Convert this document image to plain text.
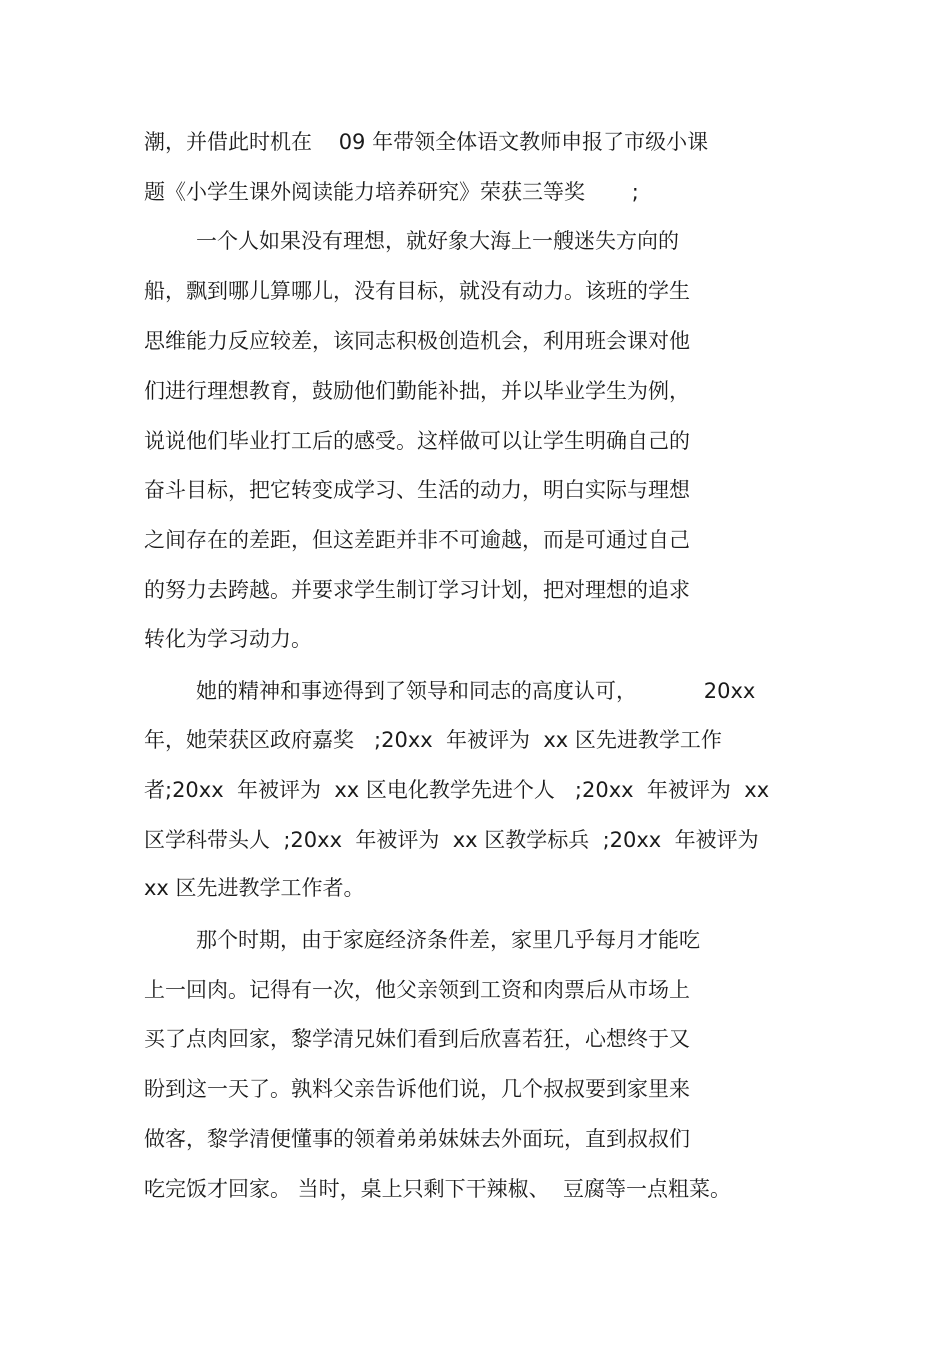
潮，并借此时机在    09 年带领全体语文教师申报了市级小课
题《小学生课外阅读能力培养研究》荣获三等奖       ;
一个人如果没有理想，就好象大海上一艘迷失方向的
船，飘到哪儿算哪儿，没有目标，就没有动力。该班的学生
思维能力反应较差，该同志积极创造机会，利用班会课对他
们进行理想教育，鼓励他们勤能补拙，并以毕业学生为例，
说说他们毕业打工后的感受。这样做可以让学生明确自己的
奋斗目标，把它转变成学习、生活的动力，明白实际与理想
之间存在的差距，但这差距并非不可逾越，而是可通过自己
的努力去跨越。并要求学生制订学习计划，把对理想的追求
转化为学习动力。
她的精神和事迹得到了领导和同志的高度认可，          20xx
年，她荣获区政府嘉奖   ;20xx  年被评为  xx 区先进教学工作
者;20xx  年被评为  xx 区电化教学先进个人   ;20xx  年被评为  xx
区学科带头人  ;20xx  年被评为  xx 区教学标兵  ;20xx  年被评为
xx 区先进教学工作者。
那个时期，由于家庭经济条件差，家里几乎每月才能吃
上一回肉。记得有一次，他父亲领到工资和肉票后从市场上
买了点肉回家，黎学清兄妹们看到后欣喜若狂，心想终于又
盼到这一天了。孰料父亲告诉他们说，几个叔叔要到家里来
做客，黎学清便懂事的领着弟弟妹妹去外面玩，直到叔叔们
吃完饭才回家。 当时，桌上只剩下干辣椒、  豆腐等一点粗菜。
